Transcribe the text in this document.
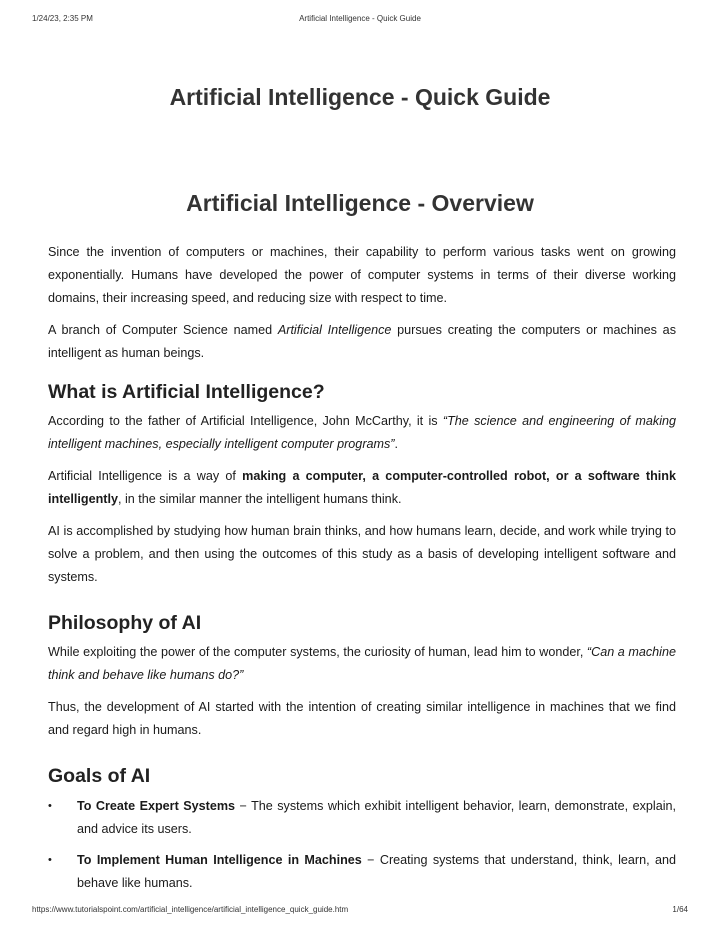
1/24/23, 2:35 PM	Artificial Intelligence - Quick Guide
Artificial Intelligence - Quick Guide
Artificial Intelligence - Overview

Since the invention of computers or machines, their capability to perform various tasks went on growing exponentially. Humans have developed the power of computer systems in terms of their diverse working domains, their increasing speed, and reducing size with respect to time.

A branch of Computer Science named Artificial Intelligence pursues creating the computers or machines as intelligent as human beings.

What is Artificial Intelligence?

According to the father of Artificial Intelligence, John McCarthy, it is “The science and engineering of making intelligent machines, especially intelligent computer programs”.

Artificial Intelligence is a way of making a computer, a computer-controlled robot, or a software think intelligently, in the similar manner the intelligent humans think.

AI is accomplished by studying how human brain thinks, and how humans learn, decide, and work while trying to solve a problem, and then using the outcomes of this study as a basis of developing intelligent software and systems.

Philosophy of AI

While exploiting the power of the computer systems, the curiosity of human, lead him to wonder, “Can a machine think and behave like humans do?”

Thus, the development of AI started with the intention of creating similar intelligence in machines that we find and regard high in humans.

Goals of AI
• To Create Expert Systems − The systems which exhibit intelligent behavior, learn, demonstrate, explain, and advice its users.
• To Implement Human Intelligence in Machines − Creating systems that understand, think, learn, and behave like humans.
https://www.tutorialspoint.com/artificial_intelligence/artificial_intelligence_quick_guide.htm	1/64
